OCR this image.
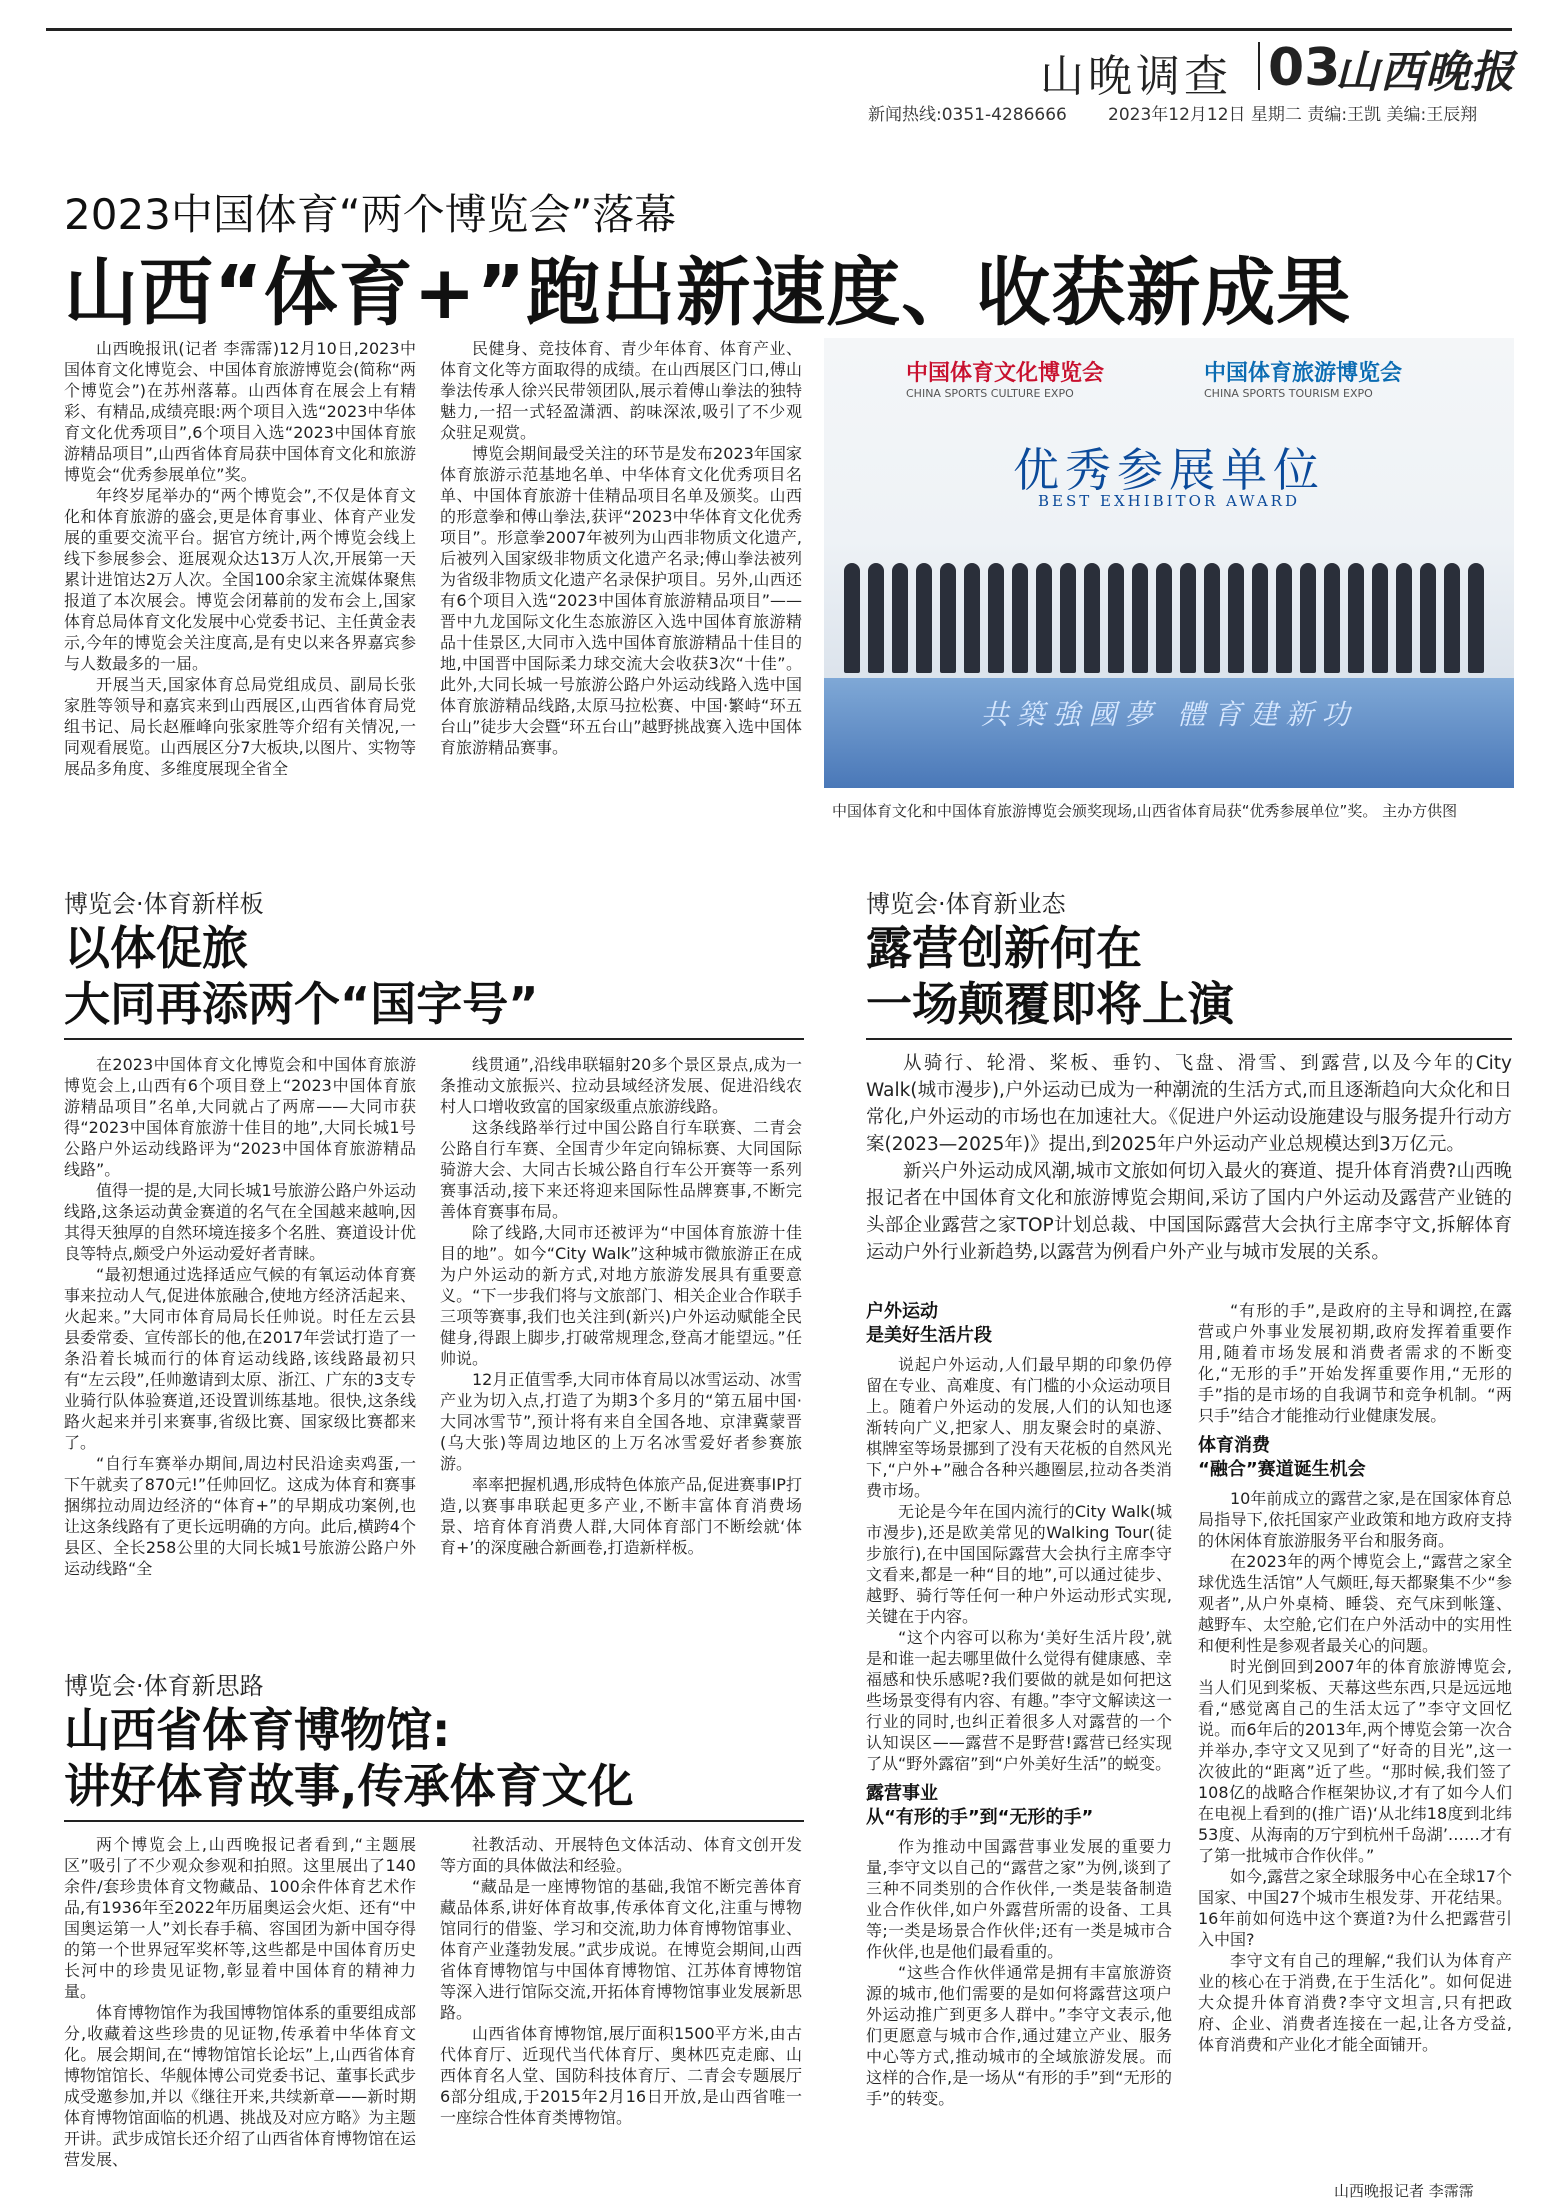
山晚调查 03
山西晚报
新闻热线:0351-4286666 2023年12月12日 星期二 责编:王凯 美编:王辰翔
2023中国体育“两个博览会”落幕
山西“体育+”跑出新速度、收获新成果

山西晚报讯(记者 李霈霈)12月10日,2023中国体育文化博览会、中国体育旅游博览会(简称“两个博览会”)在苏州落幕。山西体育在展会上有精彩、有精品,成绩亮眼:两个项目入选“2023中华体育文化优秀项目”,6个项目入选“2023中国体育旅游精品项目”,山西省体育局获中国体育文化和旅游博览会“优秀参展单位”奖。

年终岁尾举办的“两个博览会”,不仅是体育文化和体育旅游的盛会,更是体育事业、体育产业发展的重要交流平台。据官方统计,两个博览会线上线下参展参会、逛展观众达13万人次,开展第一天累计进馆达2万人次。全国100余家主流媒体聚焦报道了本次展会。博览会闭幕前的发布会上,国家体育总局体育文化发展中心党委书记、主任黄金表示,今年的博览会关注度高,是有史以来各界嘉宾参与人数最多的一届。

开展当天,国家体育总局党组成员、副局长张家胜等领导和嘉宾来到山西展区,山西省体育局党组书记、局长赵雁峰向张家胜等介绍有关情况,一同观看展览。山西展区分7大板块,以图片、实物等展品多角度、多维度展现全省全

民健身、竞技体育、青少年体育、体育产业、体育文化等方面取得的成绩。在山西展区门口,傅山拳法传承人徐兴民带领团队,展示着傅山拳法的独特魅力,一招一式轻盈潇洒、韵味深浓,吸引了不少观众驻足观赏。

博览会期间最受关注的环节是发布2023年国家体育旅游示范基地名单、中华体育文化优秀项目名单、中国体育旅游十佳精品项目名单及颁奖。山西的形意拳和傅山拳法,获评“2023中华体育文化优秀项目”。形意拳2007年被列为山西非物质文化遗产,后被列入国家级非物质文化遗产名录;傅山拳法被列为省级非物质文化遗产名录保护项目。另外,山西还有6个项目入选“2023中国体育旅游精品项目”——晋中九龙国际文化生态旅游区入选中国体育旅游精品十佳景区,大同市入选中国体育旅游精品十佳目的地,中国晋中国际柔力球交流大会收获3次“十佳”。此外,大同长城一号旅游公路户外运动线路入选中国体育旅游精品线路,太原马拉松赛、中国·繁峙“环五台山”徒步大会暨“环五台山”越野挑战赛入选中国体育旅游精品赛事。

中国体育文化博览会
CHINA SPORTS CULTURE EXPO
中国体育旅游博览会
CHINA SPORTS TOURISM EXPO
优秀参展单位
BEST EXHIBITOR AWARD
共築強國夢 體育建新功
中国体育文化和中国体育旅游博览会颁奖现场,山西省体育局获“优秀参展单位”奖。 主办方供图
博览会·体育新样板
以体促旅
大同再添两个“国字号”

在2023中国体育文化博览会和中国体育旅游博览会上,山西有6个项目登上“2023中国体育旅游精品项目”名单,大同就占了两席——大同市获得“2023中国体育旅游十佳目的地”,大同长城1号公路户外运动线路评为“2023中国体育旅游精品线路”。

值得一提的是,大同长城1号旅游公路户外运动线路,这条运动黄金赛道的名气在全国越来越响,因其得天独厚的自然环境连接多个名胜、赛道设计优良等特点,颇受户外运动爱好者青睐。

“最初想通过选择适应气候的有氧运动体育赛事来拉动人气,促进体旅融合,使地方经济活起来、火起来。”大同市体育局局长任帅说。时任左云县县委常委、宣传部长的他,在2017年尝试打造了一条沿着长城而行的体育运动线路,该线路最初只有“左云段”,任帅邀请到太原、浙江、广东的3支专业骑行队体验赛道,还设置训练基地。很快,这条线路火起来并引来赛事,省级比赛、国家级比赛都来了。

“自行车赛举办期间,周边村民沿途卖鸡蛋,一下午就卖了870元!”任帅回忆。这成为体育和赛事捆绑拉动周边经济的“体育+”的早期成功案例,也让这条线路有了更长远明确的方向。此后,横跨4个县区、全长258公里的大同长城1号旅游公路户外运动线路“全

线贯通”,沿线串联辐射20多个景区景点,成为一条推动文旅振兴、拉动县域经济发展、促进沿线农村人口增收致富的国家级重点旅游线路。

这条线路举行过中国公路自行车联赛、二青会公路自行车赛、全国青少年定向锦标赛、大同国际骑游大会、大同古长城公路自行车公开赛等一系列赛事活动,接下来还将迎来国际性品牌赛事,不断完善体育赛事布局。

除了线路,大同市还被评为“中国体育旅游十佳目的地”。如今“City Walk”这种城市微旅游正在成为户外运动的新方式,对地方旅游发展具有重要意义。“下一步我们将与文旅部门、相关企业合作联手三项等赛事,我们也关注到(新兴)户外运动赋能全民健身,得跟上脚步,打破常规理念,登高才能望远。”任帅说。

12月正值雪季,大同市体育局以冰雪运动、冰雪产业为切入点,打造了为期3个多月的“第五届中国·大同冰雪节”,预计将有来自全国各地、京津冀蒙晋(乌大张)等周边地区的上万名冰雪爱好者参赛旅游。

率率把握机遇,形成特色体旅产品,促进赛事IP打造,以赛事串联起更多产业,不断丰富体育消费场景、培育体育消费人群,大同体育部门不断绘就‘体育+’的深度融合新画卷,打造新样板。

博览会·体育新思路
山西省体育博物馆:
讲好体育故事,传承体育文化

两个博览会上,山西晚报记者看到,“主题展区”吸引了不少观众参观和拍照。这里展出了140余件/套珍贵体育文物藏品、100余件体育艺术作品,有1936年至2022年历届奥运会火炬、还有“中国奥运第一人”刘长春手稿、容国团为新中国夺得的第一个世界冠军奖杯等,这些都是中国体育历史长河中的珍贵见证物,彰显着中国体育的精神力量。

体育博物馆作为我国博物馆体系的重要组成部分,收藏着这些珍贵的见证物,传承着中华体育文化。展会期间,在“博物馆馆长论坛”上,山西省体育博物馆馆长、华舰体博公司党委书记、董事长武步成受邀参加,并以《继往开来,共续新章——新时期体育博物馆面临的机遇、挑战及对应方略》为主题开讲。武步成馆长还介绍了山西省体育博物馆在运营发展、

社教活动、开展特色文体活动、体育文创开发等方面的具体做法和经验。

“藏品是一座博物馆的基础,我馆不断完善体育藏品体系,讲好体育故事,传承体育文化,注重与博物馆同行的借鉴、学习和交流,助力体育博物馆事业、体育产业蓬勃发展。”武步成说。在博览会期间,山西省体育博物馆与中国体育博物馆、江苏体育博物馆等深入进行馆际交流,开拓体育博物馆事业发展新思路。

山西省体育博物馆,展厅面积1500平方米,由古代体育厅、近现代当代体育厅、奥林匹克走廊、山西体育名人堂、国防科技体育厅、二青会专题展厅6部分组成,于2015年2月16日开放,是山西省唯一一座综合性体育类博物馆。

博览会·体育新业态
露营创新何在
一场颠覆即将上演

从骑行、轮滑、桨板、垂钓、飞盘、滑雪、到露营,以及今年的City Walk(城市漫步),户外运动已成为一种潮流的生活方式,而且逐渐趋向大众化和日常化,户外运动的市场也在加速社大。《促进户外运动设施建设与服务提升行动方案(2023—2025年)》提出,到2025年户外运动产业总规模达到3万亿元。

新兴户外运动成风潮,城市文旅如何切入最火的赛道、提升体育消费?山西晚报记者在中国体育文化和旅游博览会期间,采访了国内户外运动及露营产业链的头部企业露营之家TOP计划总裁、中国国际露营大会执行主席李守文,拆解体育运动户外行业新趋势,以露营为例看户外产业与城市发展的关系。

户外运动
是美好生活片段

说起户外运动,人们最早期的印象仍停留在专业、高难度、有门槛的小众运动项目上。随着户外运动的发展,人们的认知也逐渐转向广义,把家人、朋友聚会时的桌游、棋牌室等场景挪到了没有天花板的自然风光下,“户外+”融合各种兴趣圈层,拉动各类消费市场。

无论是今年在国内流行的City Walk(城市漫步),还是欧美常见的Walking Tour(徒步旅行),在中国国际露营大会执行主席李守文看来,都是一种“目的地”,可以通过徒步、越野、骑行等任何一种户外运动形式实现,关键在于内容。

“这个内容可以称为‘美好生活片段’,就是和谁一起去哪里做什么觉得有健康感、幸福感和快乐感呢?我们要做的就是如何把这些场景变得有内容、有趣。”李守文解读这一行业的同时,也纠正着很多人对露营的一个认知误区——露营不是野营!露营已经实现了从“野外露宿”到“户外美好生活”的蜕变。

露营事业
从“有形的手”到“无形的手”

作为推动中国露营事业发展的重要力量,李守文以自己的“露营之家”为例,谈到了三种不同类别的合作伙伴,一类是装备制造业合作伙伴,如户外露营所需的设备、工具等;一类是场景合作伙伴;还有一类是城市合作伙伴,也是他们最看重的。

“这些合作伙伴通常是拥有丰富旅游资源的城市,他们需要的是如何将露营这项户外运动推广到更多人群中。”李守文表示,他们更愿意与城市合作,通过建立产业、服务中心等方式,推动城市的全域旅游发展。而这样的合作,是一场从“有形的手”到“无形的手”的转变。

“有形的手”,是政府的主导和调控,在露营或户外事业发展初期,政府发挥着重要作用,随着市场发展和消费者需求的不断变化,“无形的手”开始发挥重要作用,“无形的手”指的是市场的自我调节和竞争机制。“两只手”结合才能推动行业健康发展。

体育消费
“融合”赛道诞生机会

10年前成立的露营之家,是在国家体育总局指导下,依托国家产业政策和地方政府支持的休闲体育旅游服务平台和服务商。

在2023年的两个博览会上,“露营之家全球优选生活馆”人气颇旺,每天都聚集不少“参观者”,从户外桌椅、睡袋、充气床到帐篷、越野车、太空舱,它们在户外活动中的实用性和便利性是参观者最关心的问题。

时光倒回到2007年的体育旅游博览会,当人们见到桨板、天幕这些东西,只是远远地看,“感觉离自己的生活太远了”李守文回忆说。而6年后的2013年,两个博览会第一次合并举办,李守文又见到了“好奇的目光”,这一次彼此的“距离”近了些。“那时候,我们签了108亿的战略合作框架协议,才有了如今人们在电视上看到的(推广语)‘从北纬18度到北纬53度、从海南的万宁到杭州千岛湖’……才有了第一批城市合作伙伴。”

如今,露营之家全球服务中心在全球17个国家、中国27个城市生根发芽、开花结果。16年前如何选中这个赛道?为什么把露营引入中国?

李守文有自己的理解,“我们认为体育产业的核心在于消费,在于生活化”。如何促进大众提升体育消费?李守文坦言,只有把政府、企业、消费者连接在一起,让各方受益,体育消费和产业化才能全面铺开。

山西晚报记者 李霈霈
